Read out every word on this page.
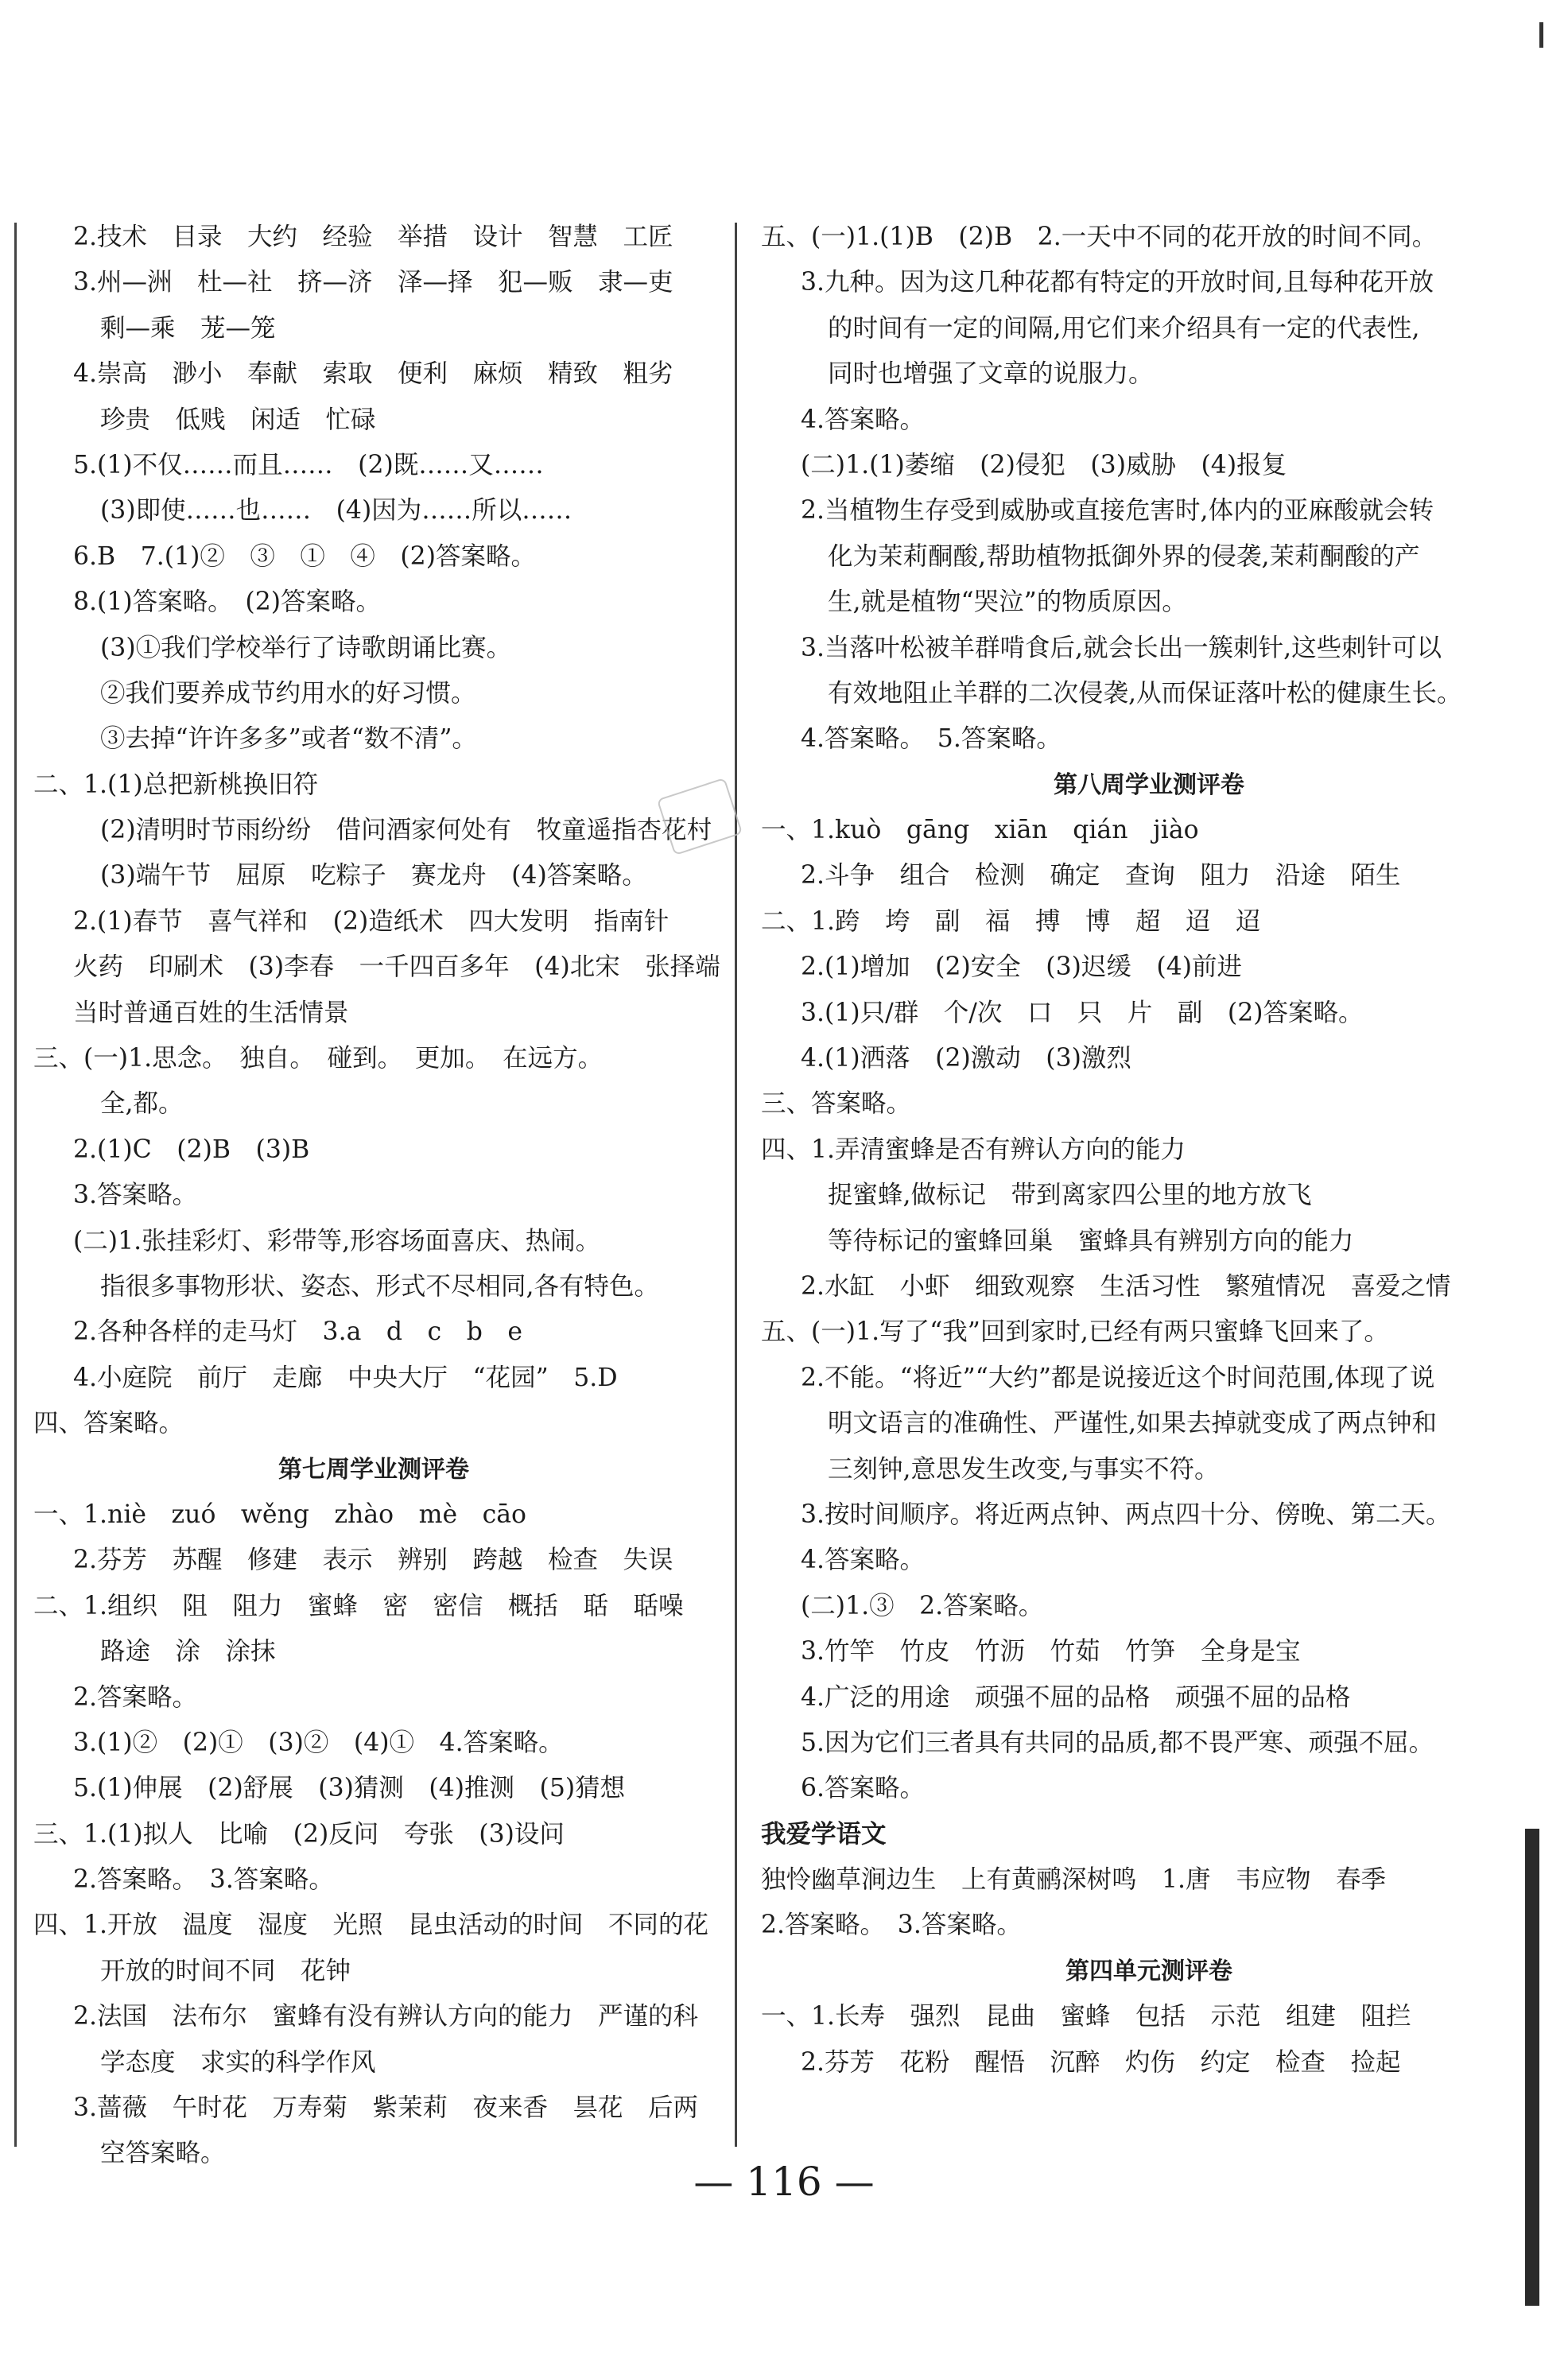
2.技术　目录　大约　经验　举措　设计　智慧　工匠
3.州—洲　杜—社　挤—济　泽—择　犯—贩　隶—吏
剩—乘　茏—笼
4.崇高　渺小　奉献　索取　便利　麻烦　精致　粗劣
珍贵　低贱　闲适　忙碌
5.(1)不仅……而且……　(2)既……又……
(3)即使……也……　(4)因为……所以……
6.B　7.(1)②　③　①　④　(2)答案略。
8.(1)答案略。　(2)答案略。
(3)①我们学校举行了诗歌朗诵比赛。
②我们要养成节约用水的好习惯。
③去掉“许许多多”或者“数不清”。
二、1.(1)总把新桃换旧符
(2)清明时节雨纷纷　借问酒家何处有　牧童遥指杏花村
(3)端午节　屈原　吃粽子　赛龙舟　(4)答案略。
2.(1)春节　喜气祥和　(2)造纸术　四大发明　指南针
火药　印刷术　(3)李春　一千四百多年　(4)北宋　张择端
当时普通百姓的生活情景
三、(一)1.思念。　独自。　碰到。　更加。　在远方。
全,都。
2.(1)C　(2)B　(3)B
3.答案略。
(二)1.张挂彩灯、彩带等,形容场面喜庆、热闹。
指很多事物形状、姿态、形式不尽相同,各有特色。
2.各种各样的走马灯　3.a　d　c　b　e
4.小庭院　前厅　走廊　中央大厅　“花园”　5.D
四、答案略。
第七周学业测评卷
一、1.niè　zuó　wěng　zhào　mè　cāo
2.芬芳　苏醒　修建　表示　辨别　跨越　检查　失误
二、1.组织　阻　阻力　蜜蜂　密　密信　概括　聒　聒噪
路途　涂　涂抹
2.答案略。
3.(1)②　(2)①　(3)②　(4)①　4.答案略。
5.(1)伸展　(2)舒展　(3)猜测　(4)推测　(5)猜想
三、1.(1)拟人　比喻　(2)反问　夸张　(3)设问
2.答案略。　3.答案略。
四、1.开放　温度　湿度　光照　昆虫活动的时间　不同的花
开放的时间不同　花钟
2.法国　法布尔　蜜蜂有没有辨认方向的能力　严谨的科
学态度　求实的科学作风
3.蔷薇　午时花　万寿菊　紫茉莉　夜来香　昙花　后两
空答案略。
五、(一)1.(1)B　(2)B　2.一天中不同的花开放的时间不同。
3.九种。因为这几种花都有特定的开放时间,且每种花开放
的时间有一定的间隔,用它们来介绍具有一定的代表性,
同时也增强了文章的说服力。
4.答案略。
(二)1.(1)萎缩　(2)侵犯　(3)威胁　(4)报复
2.当植物生存受到威胁或直接危害时,体内的亚麻酸就会转
化为茉莉酮酸,帮助植物抵御外界的侵袭,茉莉酮酸的产
生,就是植物“哭泣”的物质原因。
3.当落叶松被羊群啃食后,就会长出一簇刺针,这些刺针可以
有效地阻止羊群的二次侵袭,从而保证落叶松的健康生长。
4.答案略。　5.答案略。
第八周学业测评卷
一、1.kuò　gāng　xiān　qián　jiào
2.斗争　组合　检测　确定　查询　阻力　沿途　陌生
二、1.跨　垮　副　福　搏　博　超　迢　迢
2.(1)增加　(2)安全　(3)迟缓　(4)前进
3.(1)只/群　个/次　口　只　片　副　(2)答案略。
4.(1)洒落　(2)激动　(3)激烈
三、答案略。
四、1.弄清蜜蜂是否有辨认方向的能力
捉蜜蜂,做标记　带到离家四公里的地方放飞
等待标记的蜜蜂回巢　蜜蜂具有辨别方向的能力
2.水缸　小虾　细致观察　生活习性　繁殖情况　喜爱之情
五、(一)1.写了“我”回到家时,已经有两只蜜蜂飞回来了。
2.不能。“将近”“大约”都是说接近这个时间范围,体现了说
明文语言的准确性、严谨性,如果去掉就变成了两点钟和
三刻钟,意思发生改变,与事实不符。
3.按时间顺序。将近两点钟、两点四十分、傍晚、第二天。
4.答案略。
(二)1.③　2.答案略。
3.竹竿　竹皮　竹沥　竹茹　竹笋　全身是宝
4.广泛的用途　顽强不屈的品格　顽强不屈的品格
5.因为它们三者具有共同的品质,都不畏严寒、顽强不屈。
6.答案略。
我爱学语文
独怜幽草涧边生　上有黄鹂深树鸣　1.唐　韦应物　春季
2.答案略。　3.答案略。
第四单元测评卷
一、1.长寿　强烈　昆曲　蜜蜂　包括　示范　组建　阻拦
2.芬芳　花粉　醒悟　沉醉　灼伤　约定　检查　捡起
— 116 —
